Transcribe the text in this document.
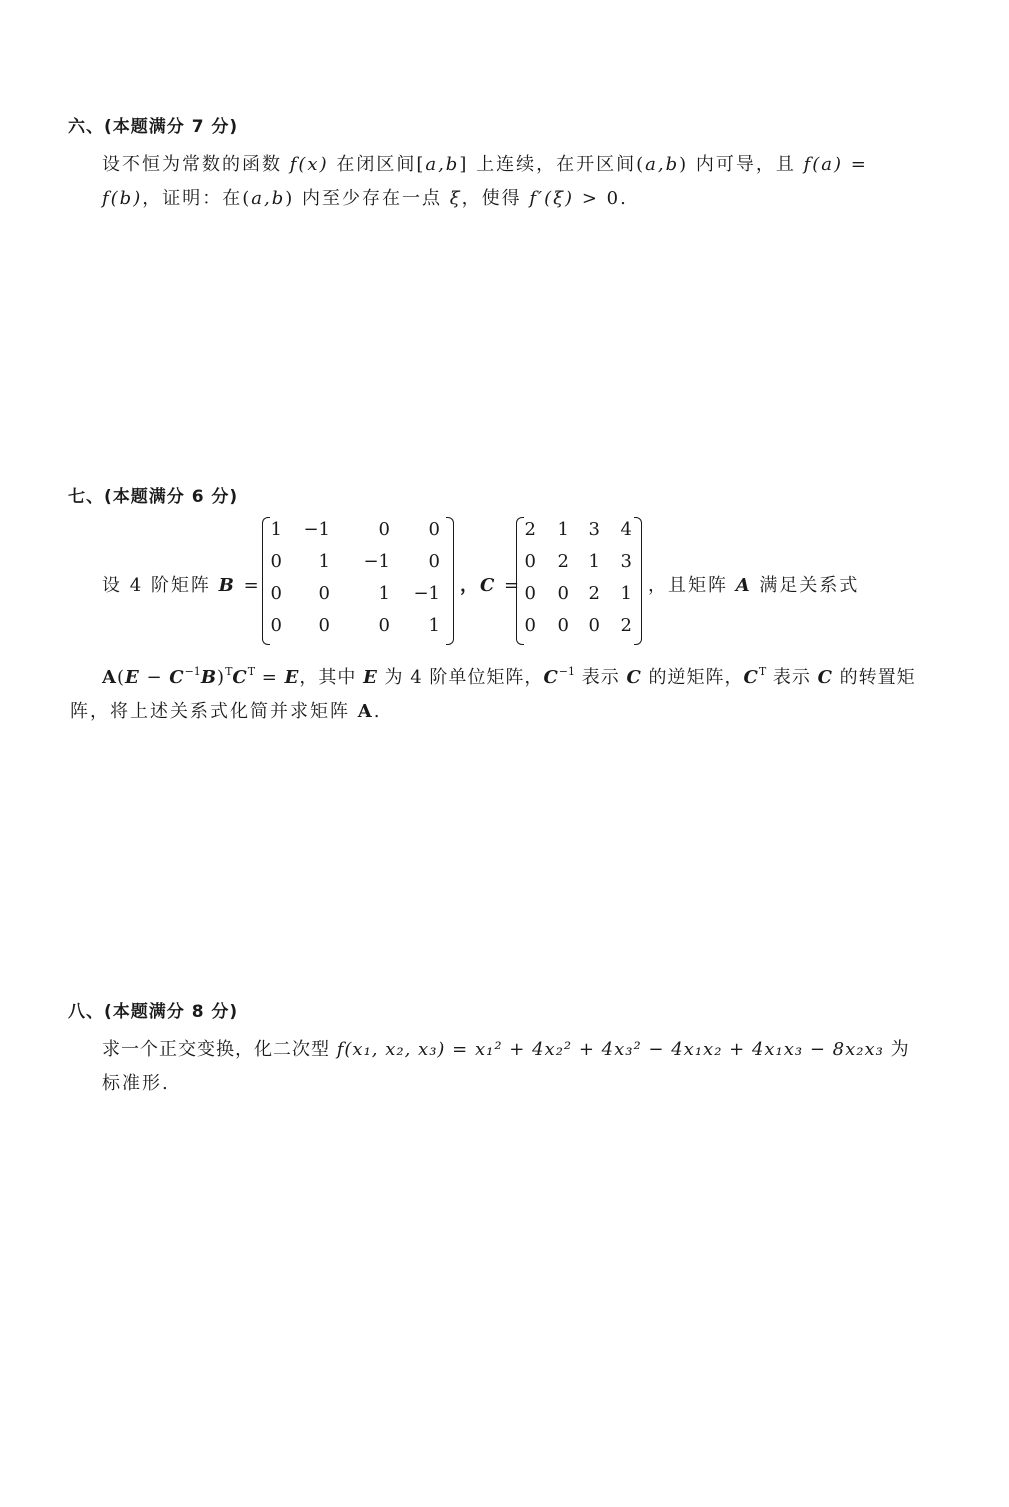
六、(本题满分 7 分)
设不恒为常数的函数 f(x) 在闭区间[a,b] 上连续，在开区间(a,b) 内可导，且 f(a) =
f(b)，证明：在(a,b) 内至少存在一点 ξ，使得 f′(ξ) > 0.
七、(本题满分 6 分)
设 4 阶矩阵 B =
1	−1	0	0
0	1	−1	0
0	0	1	−1
0	0	0	1
，C =
2	1	3	4
0	2	1	3
0	0	2	1
0	0	0	2
，且矩阵 A 满足关系式
$A(E - C^{-1}B)^TC^T = E$，其中 E 为 4 阶单位矩阵，$C^{-1}$ 表示 C 的逆矩阵，$C^T$ 表示 C 的转置矩
阵，将上述关系式化简并求矩阵 A.
八、(本题满分 8 分)
求一个正交变换，化二次型 f(x₁, x₂, x₃) = x₁² + 4x₂² + 4x₃² − 4x₁x₂ + 4x₁x₃ − 8x₂x₃ 为
标准形.
